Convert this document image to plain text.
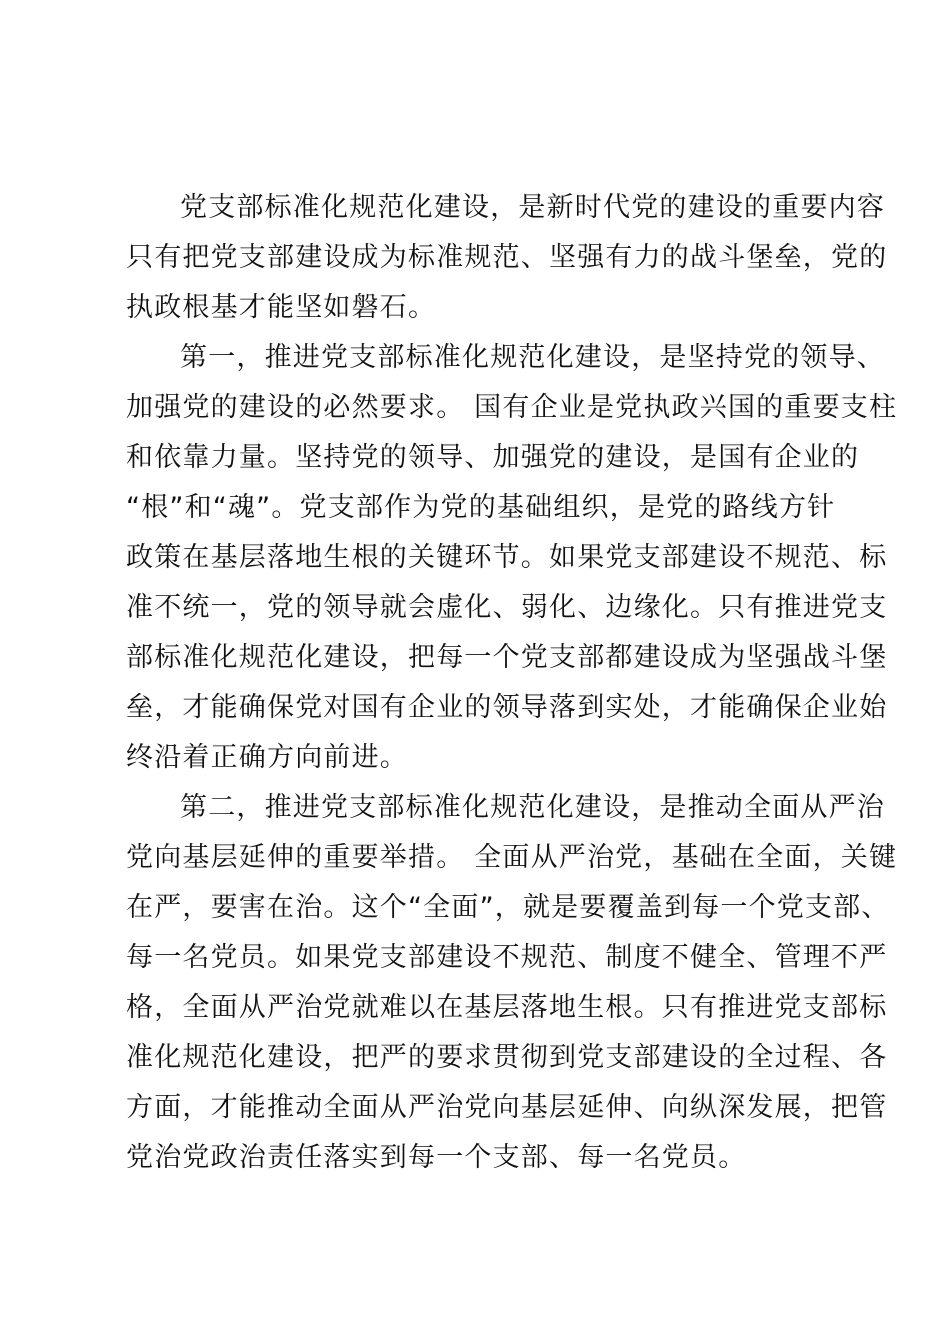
党支部标准化规范化建设，是新时代党的建设的重要内容
只有把党支部建设成为标准规范、坚强有力的战斗堡垒，党的
执政根基才能坚如磐石。

第一，推进党支部标准化规范化建设，是坚持党的领导、
加强党的建设的必然要求。 国有企业是党执政兴国的重要支柱
和依靠力量。坚持党的领导、加强党的建设，是国有企业的
“根”和“魂”。党支部作为党的基础组织，是党的路线方针
政策在基层落地生根的关键环节。如果党支部建设不规范、标
准不统一，党的领导就会虚化、弱化、边缘化。只有推进党支
部标准化规范化建设，把每一个党支部都建设成为坚强战斗堡
垒，才能确保党对国有企业的领导落到实处，才能确保企业始
终沿着正确方向前进。

第二，推进党支部标准化规范化建设，是推动全面从严治
党向基层延伸的重要举措。 全面从严治党，基础在全面，关键
在严，要害在治。这个“全面”，就是要覆盖到每一个党支部、
每一名党员。如果党支部建设不规范、制度不健全、管理不严
格，全面从严治党就难以在基层落地生根。只有推进党支部标
准化规范化建设，把严的要求贯彻到党支部建设的全过程、各
方面，才能推动全面从严治党向基层延伸、向纵深发展，把管
党治党政治责任落实到每一个支部、每一名党员。
